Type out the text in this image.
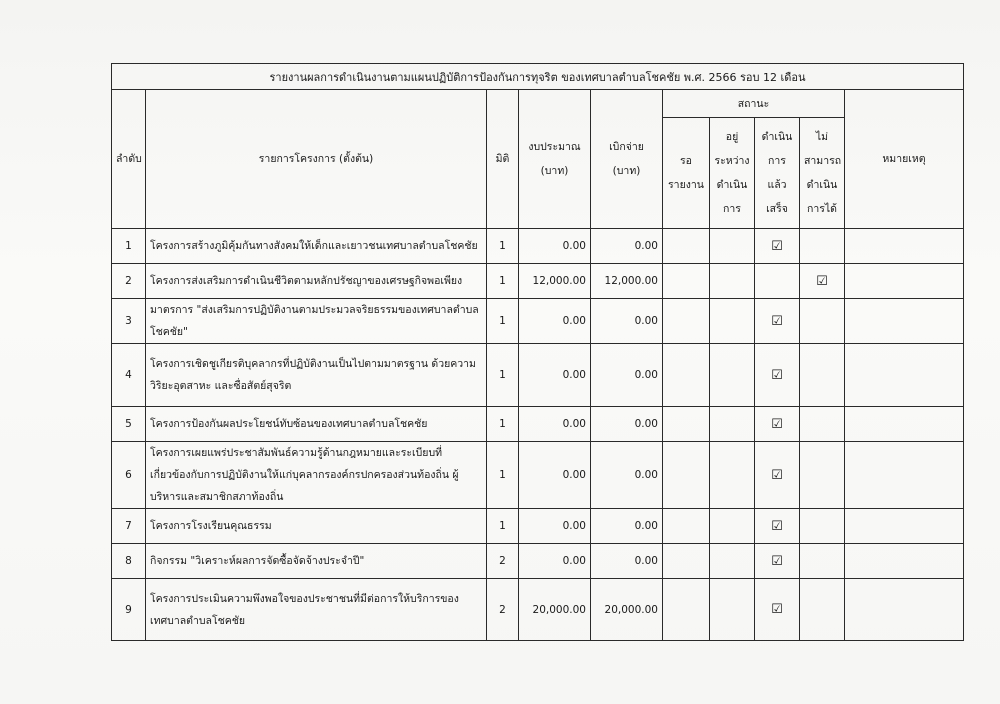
รายงานผลการดำเนินงานตามแผนปฏิบัติการป้องกันการทุจริต ของเทศบาลตำบลโชคชัย พ.ศ. 2566 รอบ 12 เดือน									
ลำดับ	รายการโครงการ (ตั้งต้น)	มิติ	งบประมาณ (บาท)	เบิกจ่าย (บาท)	สถานะ				หมายเหตุ
					รอ รายงาน	อยู่ ระหว่าง ดำเนิน การ	ดำเนิน การ แล้วเสร็จ	ไม่ สามารถ ดำเนิน การได้	
1	โครงการสร้างภูมิคุ้มกันทางสังคมให้เด็กและเยาวชนเทศบาลตำบลโชคชัย	1	0.00	0.00			☑		
2	โครงการส่งเสริมการดำเนินชีวิตตามหลักปรัชญาของเศรษฐกิจพอเพียง	1	12,000.00	12,000.00				☑	
3	มาตรการ "ส่งเสริมการปฏิบัติงานตามประมวลจริยธรรมของเทศบาลตำบลโชคชัย"	1	0.00	0.00			☑		
4	โครงการเชิดชูเกียรติบุคลากรที่ปฏิบัติงานเป็นไปตามมาตรฐาน ด้วยความวิริยะอุตสาหะ และซื่อสัตย์สุจริต	1	0.00	0.00			☑		
5	โครงการป้องกันผลประโยชน์ทับซ้อนของเทศบาลตำบลโชคชัย	1	0.00	0.00			☑		
6	โครงการเผยแพร่ประชาสัมพันธ์ความรู้ด้านกฎหมายและระเบียบที่เกี่ยวข้องกับการปฏิบัติงานให้แก่บุคลากรองค์กรปกครองส่วนท้องถิ่น ผู้บริหารและสมาชิกสภาท้องถิ่น	1	0.00	0.00			☑		
7	โครงการโรงเรียนคุณธรรม	1	0.00	0.00			☑		
8	กิจกรรม "วิเคราะห์ผลการจัดซื้อจัดจ้างประจำปี"	2	0.00	0.00			☑		
9	โครงการประเมินความพึงพอใจของประชาชนที่มีต่อการให้บริการของเทศบาลตำบลโชคชัย	2	20,000.00	20,000.00			☑		
